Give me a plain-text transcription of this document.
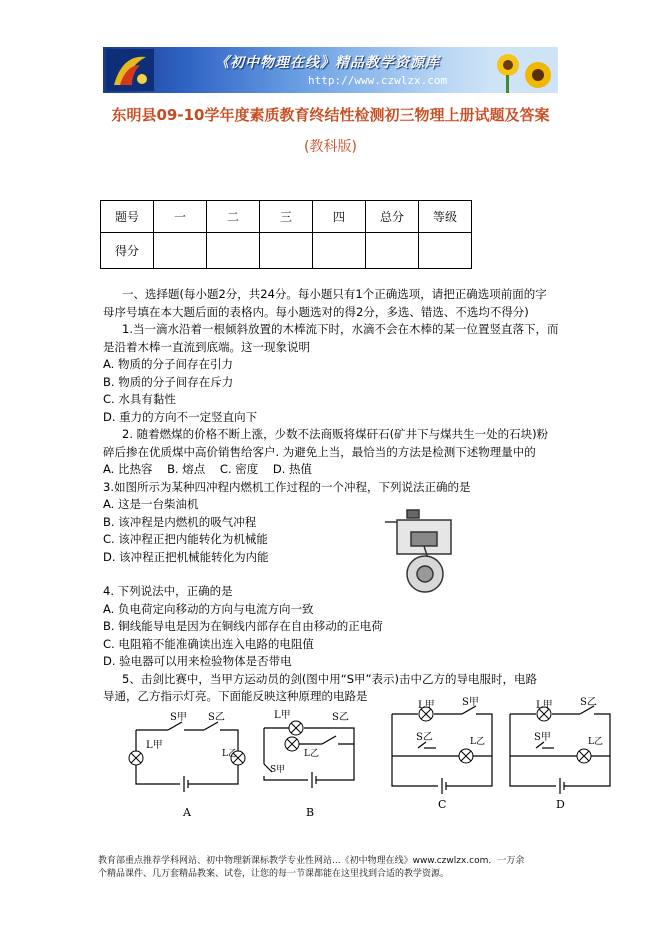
《初中物理在线》精品教学资源库
http://www.czwlzx.com
东明县09-10学年度素质教育终结性检测初三物理上册试题及答案
(教科版)
题号	一	二	三	四	总分	等级
得分						

一、选择题(每小题2分，共24分。每小题只有1个正确选项，请把正确选项前面的字

母序号填在本大题后面的表格内。每小题选对的得2分，多选、错选、不选均不得分)

1.当一滴水沿着一根倾斜放置的木棒流下时，水滴不会在木棒的某一位置竖直落下，而

是沿着木棒一直流到底端。这一现象说明

A. 物质的分子间存在引力

B. 物质的分子间存在斥力

C. 水具有黏性

D. 重力的方向不一定竖直向下

2. 随着燃煤的价格不断上涨，少数不法商贩将煤矸石(矿井下与煤共生一处的石块)粉

碎后掺在优质煤中高价销售给客户. 为避免上当，最恰当的方法是检测下述物理量中的

A. 比热容    B. 熔点    C. 密度    D. 热值

3.如图所示为某种四冲程内燃机工作过程的一个冲程，下列说法正确的是

A. 这是一台柴油机

B. 该冲程是内燃机的吸气冲程

C. 该冲程正把内能转化为机械能

D. 该冲程正把机械能转化为内能

4. 下列说法中，正确的是

A. 负电荷定向移动的方向与电流方向一致

B. 铜线能导电是因为在铜线内部存在自由移动的正电荷

C. 电阻箱不能准确读出连入电路的电阻值

D. 验电器可以用来检验物体是否带电

5、击剑比赛中，当甲方运动员的剑(图中用“S甲”表示)击中乙方的导电服时，电路

导通，乙方指示灯亮。下面能反映这种原理的电路是

S甲 S乙
L甲
L乙
A
L甲	S乙
L乙
S甲
B
L甲	S甲
S乙	L乙
C
L甲	S乙
S甲	L乙
D

教育部重点推荐学科网站、初中物理新课标教学专业性网站...《初中物理在线》www.czwlzx.com．一万余

个精品课件、几万套精品教案、试卷，让您的每一节课都能在这里找到合适的教学资源。
